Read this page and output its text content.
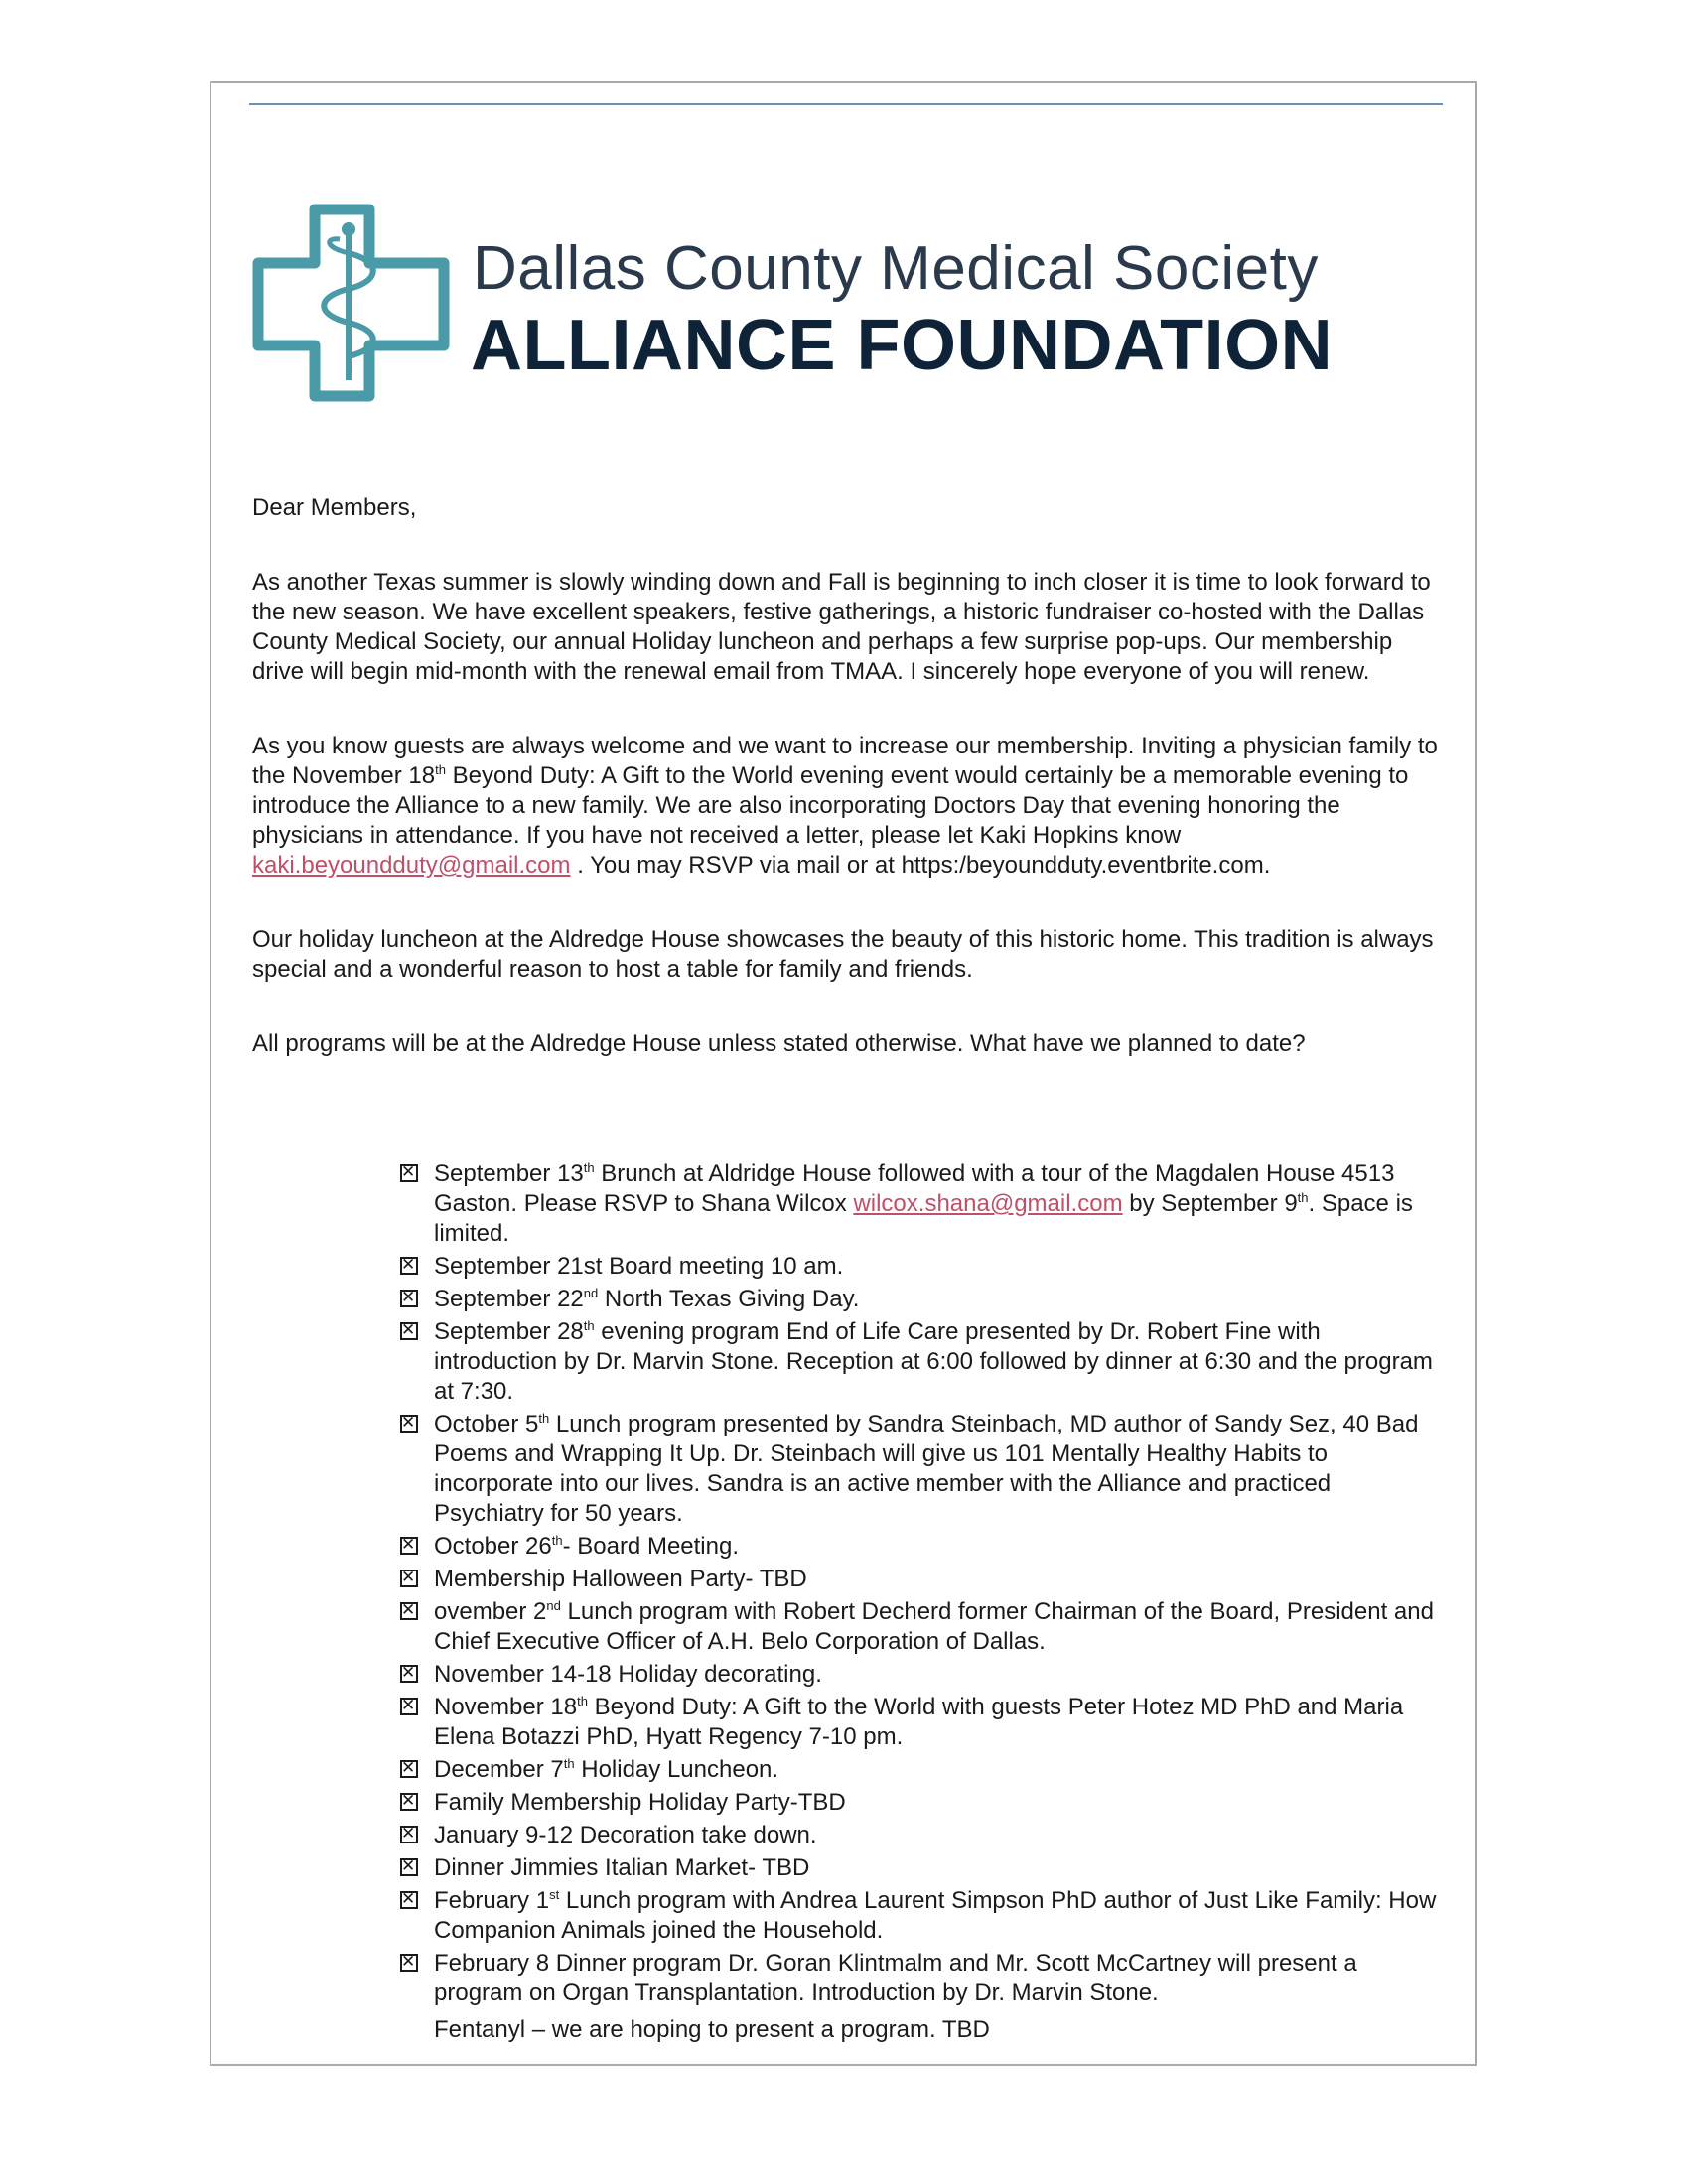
Dallas County Medical Society
ALLIANCE FOUNDATION

Dear Members,

As another Texas summer is slowly winding down and Fall is beginning to inch closer it is time to look forward to the new season. We have excellent speakers, festive gatherings, a historic fundraiser co-hosted with the Dallas County Medical Society, our annual Holiday luncheon and perhaps a few surprise pop-ups. Our membership drive will begin mid-month with the renewal email from TMAA. I sincerely hope everyone of you will renew.

As you know guests are always welcome and we want to increase our membership. Inviting a physician family to the November 18th Beyond Duty: A Gift to the World evening event would certainly be a memorable evening to introduce the Alliance to a new family. We are also incorporating Doctors Day that evening honoring the physicians in attendance. If you have not received a letter, please let Kaki Hopkins know kaki.beyoundduty@gmail.com . You may RSVP via mail or at https:/beyoundduty.eventbrite.com.

Our holiday luncheon at the Aldredge House showcases the beauty of this historic home. This tradition is always special and a wonderful reason to host a table for family and friends.

All programs will be at the Aldredge House unless stated otherwise. What have we planned to date?

✕
September 13th Brunch at Aldridge House followed with a tour of the Magdalen House 4513 Gaston. Please RSVP to Shana Wilcox wilcox.shana@gmail.com by September 9th. Space is limited.
✕
September 21st Board meeting 10 am.
✕
September 22nd North Texas Giving Day.
✕
September 28th evening program End of Life Care presented by Dr. Robert Fine with introduction by Dr. Marvin Stone. Reception at 6:00 followed by dinner at 6:30 and the program at 7:30.
✕
October 5th Lunch program presented by Sandra Steinbach, MD author of Sandy Sez, 40 Bad Poems and Wrapping It Up. Dr. Steinbach will give us 101 Mentally Healthy Habits to incorporate into our lives. Sandra is an active member with the Alliance and practiced Psychiatry for 50 years.
✕
October 26th- Board Meeting.
✕
Membership Halloween Party- TBD
✕
ovember 2nd Lunch program with Robert Decherd former Chairman of the Board, President and Chief Executive Officer of A.H. Belo Corporation of Dallas.
✕
November 14-18 Holiday decorating.
✕
November 18th Beyond Duty: A Gift to the World with guests Peter Hotez MD PhD and Maria Elena Botazzi PhD, Hyatt Regency 7-10 pm.
✕
December 7th Holiday Luncheon.
✕
Family Membership Holiday Party-TBD
✕
January 9-12 Decoration take down.
✕
Dinner Jimmies Italian Market- TBD
✕
February 1st Lunch program with Andrea Laurent Simpson PhD author of Just Like Family: How Companion Animals joined the Household.
✕
February 8 Dinner program Dr. Goran Klintmalm and Mr. Scott McCartney will present a program on Organ Transplantation. Introduction by Dr. Marvin Stone.
Fentanyl – we are hoping to present a program. TBD
